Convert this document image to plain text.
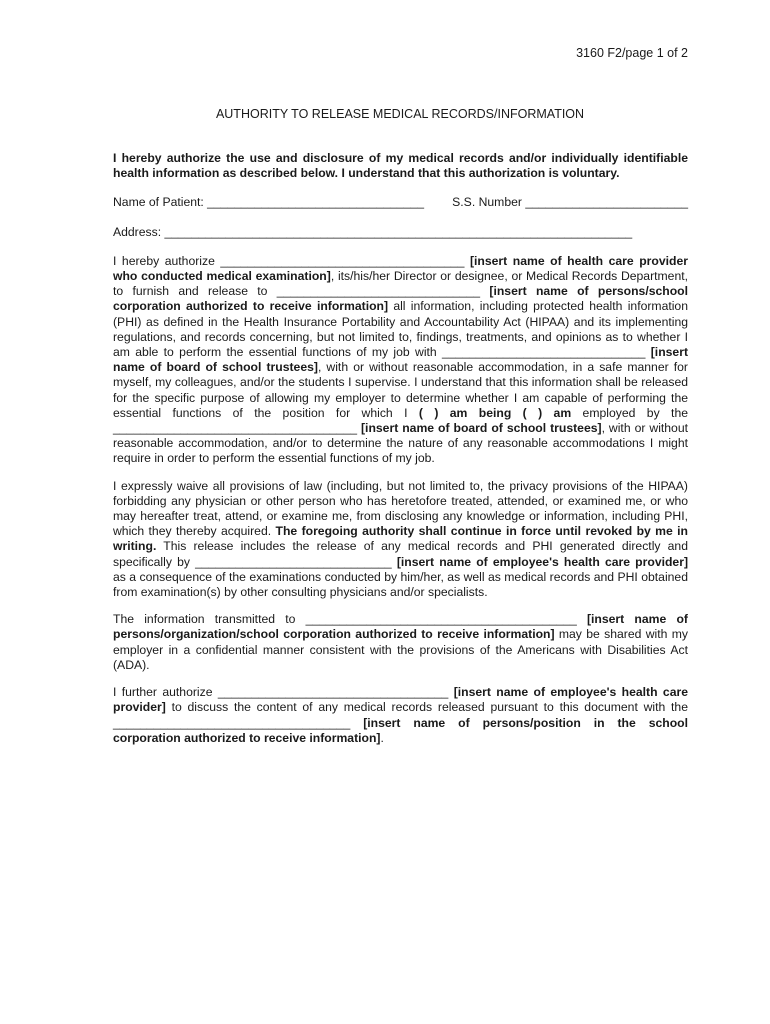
3160 F2/page 1 of 2
AUTHORITY TO RELEASE MEDICAL RECORDS/INFORMATION

I hereby authorize the use and disclosure of my medical records and/or individually identifiable health information as described below. I understand that this authorization is voluntary.

Name of Patient: ________________________________ S.S. Number ________________________
Address: _____________________________________________________________________

I hereby authorize ____________________________________ [insert name of health care provider who conducted medical examination], its/his/her Director or designee, or Medical Records Department, to furnish and release to ______________________________ [insert name of persons/school corporation authorized to receive information] all information, including protected health information (PHI) as defined in the Health Insurance Portability and Accountability Act (HIPAA) and its implementing regulations, and records concerning, but not limited to, findings, treatments, and opinions as to whether I am able to perform the essential functions of my job with ______________________________ [insert name of board of school trustees], with or without reasonable accommodation, in a safe manner for myself, my colleagues, and/or the students I supervise. I understand that this information shall be released for the specific purpose of allowing my employer to determine whether I am capable of performing the essential functions of the position for which I ( ) am being ( ) am employed by the ____________________________________ [insert name of board of school trustees], with or without reasonable accommodation, and/or to determine the nature of any reasonable accommodations I might require in order to perform the essential functions of my job.

I expressly waive all provisions of law (including, but not limited to, the privacy provisions of the HIPAA) forbidding any physician or other person who has heretofore treated, attended, or examined me, or who may hereafter treat, attend, or examine me, from disclosing any knowledge or information, including PHI, which they thereby acquired. The foregoing authority shall continue in force until revoked by me in writing. This release includes the release of any medical records and PHI generated directly and specifically by _____________________________ [insert name of employee's health care provider] as a consequence of the examinations conducted by him/her, as well as medical records and PHI obtained from examination(s) by other consulting physicians and/or specialists.

The information transmitted to ________________________________________ [insert name of persons/organization/school corporation authorized to receive information] may be shared with my employer in a confidential manner consistent with the provisions of the Americans with Disabilities Act (ADA).

I further authorize __________________________________ [insert name of employee's health care provider] to discuss the content of any medical records released pursuant to this document with the ___________________________________ [insert name of persons/position in the school corporation authorized to receive information].
